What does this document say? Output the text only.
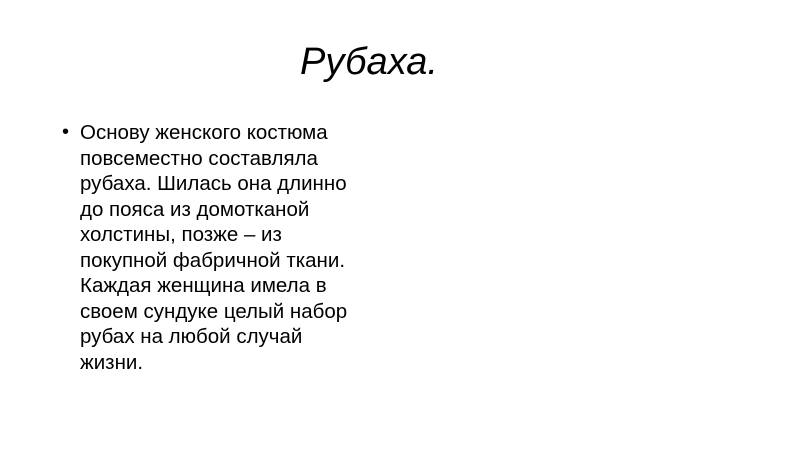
Рубаха.
• Основу женского костюма
повсеместно составляла
рубаха. Шилась она длинно
до пояса из домотканой
холстины, позже – из
покупной фабричной ткани.
Каждая женщина имела в
своем сундуке целый набор
рубах на любой случай
жизни.
